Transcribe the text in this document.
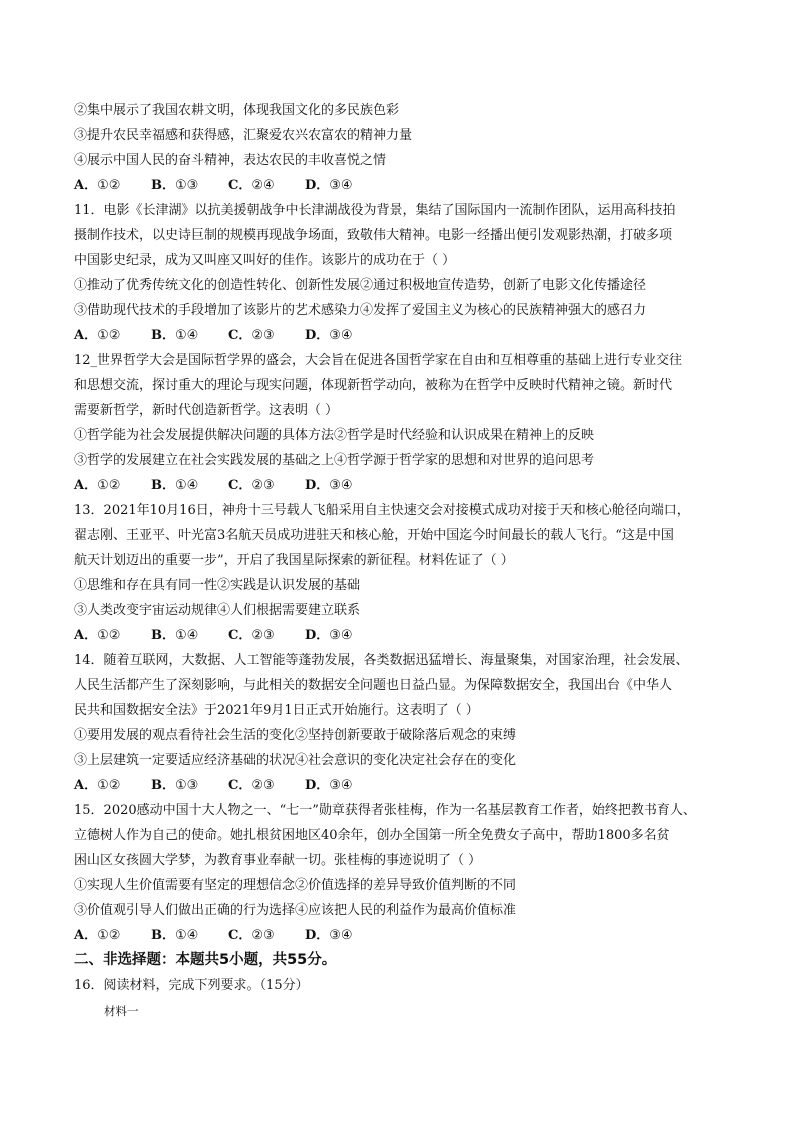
②集中展示了我国农耕文明，体现我国文化的多民族色彩
③提升农民幸福感和获得感，汇聚爱农兴农富农的精神力量
④展示中国人民的奋斗精神，表达农民的丰收喜悦之情
A．①②	B．①③	C．②④	D．③④
11．电影《长津湖》以抗美援朝战争中长津湖战役为背景，集结了国际国内一流制作团队，运用高科技拍
摄制作技术，以史诗巨制的规模再现战争场面，致敬伟大精神。电影一经播出便引发观影热潮，打破多项
中国影史纪录，成为又叫座又叫好的佳作。该影片的成功在于（ ）
①推动了优秀传统文化的创造性转化、创新性发展②通过积极地宣传造势，创新了电影文化传播途径
③借助现代技术的手段增加了该影片的艺术感染力④发挥了爱国主义为核心的民族精神强大的感召力
A．①②	B．①④	C．②③	D．③④
12_世界哲学大会是国际哲学界的盛会，大会旨在促进各国哲学家在自由和互相尊重的基础上进行专业交往
和思想交流，探讨重大的理论与现实问题，体现新哲学动向，被称为在哲学中反映时代精神之镜。新时代
需要新哲学，新时代创造新哲学。这表明（ ）
①哲学能为社会发展提供解决问题的具体方法②哲学是时代经验和认识成果在精神上的反映
③哲学的发展建立在社会实践发展的基础之上④哲学源于哲学家的思想和对世界的追问思考
A．①②	B．①④	C．②③	D．③④
13．2021年10月16日，神舟十三号载人飞船采用自主快速交会对接模式成功对接于天和核心舱径向端口，
翟志刚、王亚平、叶光富3名航天员成功进驻天和核心舱，开始中国迄今时间最长的载人飞行。“这是中国
航天计划迈出的重要一步”，开启了我国星际探索的新征程。材料佐证了（ ）
①思维和存在具有同一性②实践是认识发展的基础
③人类改变宇宙运动规律④人们根据需要建立联系
A．①②	B．①④	C．②③	D．③④
14．随着互联网，大数据、人工智能等蓬勃发展，各类数据迅猛增长、海量聚集，对国家治理，社会发展、
人民生活都产生了深刻影响，与此相关的数据安全问题也日益凸显。为保障数据安全，我国出台《中华人
民共和国数据安全法》于2021年9月1日正式开始施行。这表明了（ ）
①要用发展的观点看待社会生活的变化②坚持创新要敢于破除落后观念的束缚
③上层建筑一定要适应经济基础的状况④社会意识的变化决定社会存在的变化
A．①②	B．①③	C．②③	D．③④
15．2020感动中国十大人物之一、“七一”勋章获得者张桂梅，作为一名基层教育工作者，始终把教书育人、
立德树人作为自己的使命。她扎根贫困地区40余年，创办全国第一所全免费女子高中，帮助1800多名贫
困山区女孩圆大学梦，为教育事业奉献一切。张桂梅的事迹说明了（ ）
①实现人生价值需要有坚定的理想信念②价值选择的差异导致价值判断的不同
③价值观引导人们做出正确的行为选择④应该把人民的利益作为最高价值标准
A．①②	B．①④	C．②③	D．③④
二、非选择题：本题共5小题，共55分。
16．阅读材料，完成下列要求。（15分）
材料一
